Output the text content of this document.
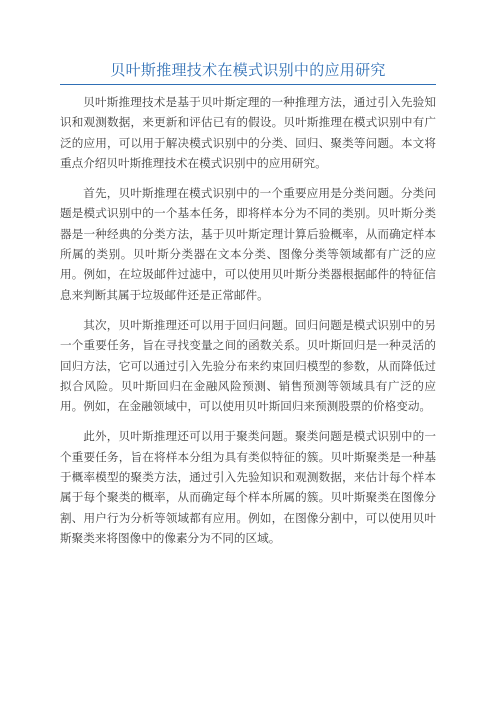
贝叶斯推理技术在模式识别中的应用研究

贝叶斯推理技术是基于贝叶斯定理的一种推理方法，通过引入先验知识和观测数据，来更新和评估已有的假设。贝叶斯推理在模式识别中有广泛的应用，可以用于解决模式识别中的分类、回归、聚类等问题。本文将重点介绍贝叶斯推理技术在模式识别中的应用研究。

首先，贝叶斯推理在模式识别中的一个重要应用是分类问题。分类问题是模式识别中的一个基本任务，即将样本分为不同的类别。贝叶斯分类器是一种经典的分类方法，基于贝叶斯定理计算后验概率，从而确定样本所属的类别。贝叶斯分类器在文本分类、图像分类等领域都有广泛的应用。例如，在垃圾邮件过滤中，可以使用贝叶斯分类器根据邮件的特征信息来判断其属于垃圾邮件还是正常邮件。

其次，贝叶斯推理还可以用于回归问题。回归问题是模式识别中的另一个重要任务，旨在寻找变量之间的函数关系。贝叶斯回归是一种灵活的回归方法，它可以通过引入先验分布来约束回归模型的参数，从而降低过拟合风险。贝叶斯回归在金融风险预测、销售预测等领域具有广泛的应用。例如，在金融领域中，可以使用贝叶斯回归来预测股票的价格变动。

此外，贝叶斯推理还可以用于聚类问题。聚类问题是模式识别中的一个重要任务，旨在将样本分组为具有类似特征的簇。贝叶斯聚类是一种基于概率模型的聚类方法，通过引入先验知识和观测数据，来估计每个样本属于每个聚类的概率，从而确定每个样本所属的簇。贝叶斯聚类在图像分割、用户行为分析等领域都有应用。例如，在图像分割中，可以使用贝叶斯聚类来将图像中的像素分为不同的区域。
